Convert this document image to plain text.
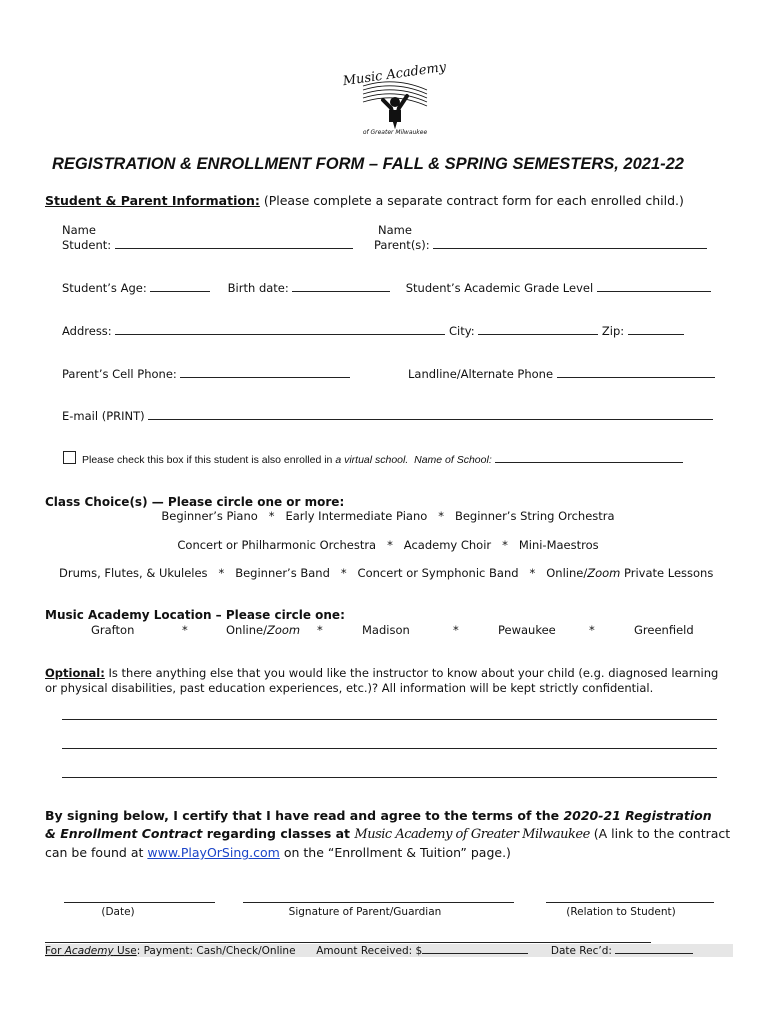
Music Academy
of Greater Milwaukee
REGISTRATION & ENROLLMENT FORM – FALL & SPRING SEMESTERS, 2021-22
Student & Parent Information: (Please complete a separate contract form for each enrolled child.)
Name
Student:
Name
Parent(s):
Student’s Age:	Birth date:	Student’s Academic Grade Level
Address:	City:	Zip:
Parent’s Cell Phone:	Landline/Alternate Phone
E-mail (PRINT)
Please check this box if this student is also enrolled in a virtual school. Name of School:
Class Choice(s) — Please circle one or more:
Beginner’s Piano   *   Early Intermediate Piano   *   Beginner’s String Orchestra
Concert or Philharmonic Orchestra   *   Academy Choir   *   Mini-Maestros
Drums, Flutes, & Ukuleles   *   Beginner’s Band   *   Concert or Symphonic Band   *   Online/Zoom Private Lessons
Music Academy Location – Please circle one:
Grafton	*	Online/Zoom *	Madison	*	Pewaukee	*	Greenfield
Optional: Is there anything else that you would like the instructor to know about your child (e.g. diagnosed learning
or physical disabilities, past education experiences, etc.)? All information will be kept strictly confidential.
By signing below, I certify that I have read and agree to the terms of the 2020-21 Registration
& Enrollment Contract regarding classes at Music Academy of Greater Milwaukee (A link to the contract
can be found at www.PlayOrSing.com on the “Enrollment & Tuition” page.)
(Date)	Signature of Parent/Guardian	(Relation to Student)
For Academy Use: Payment: Cash/Check/Online Amount Received: $	Date Rec’d:
